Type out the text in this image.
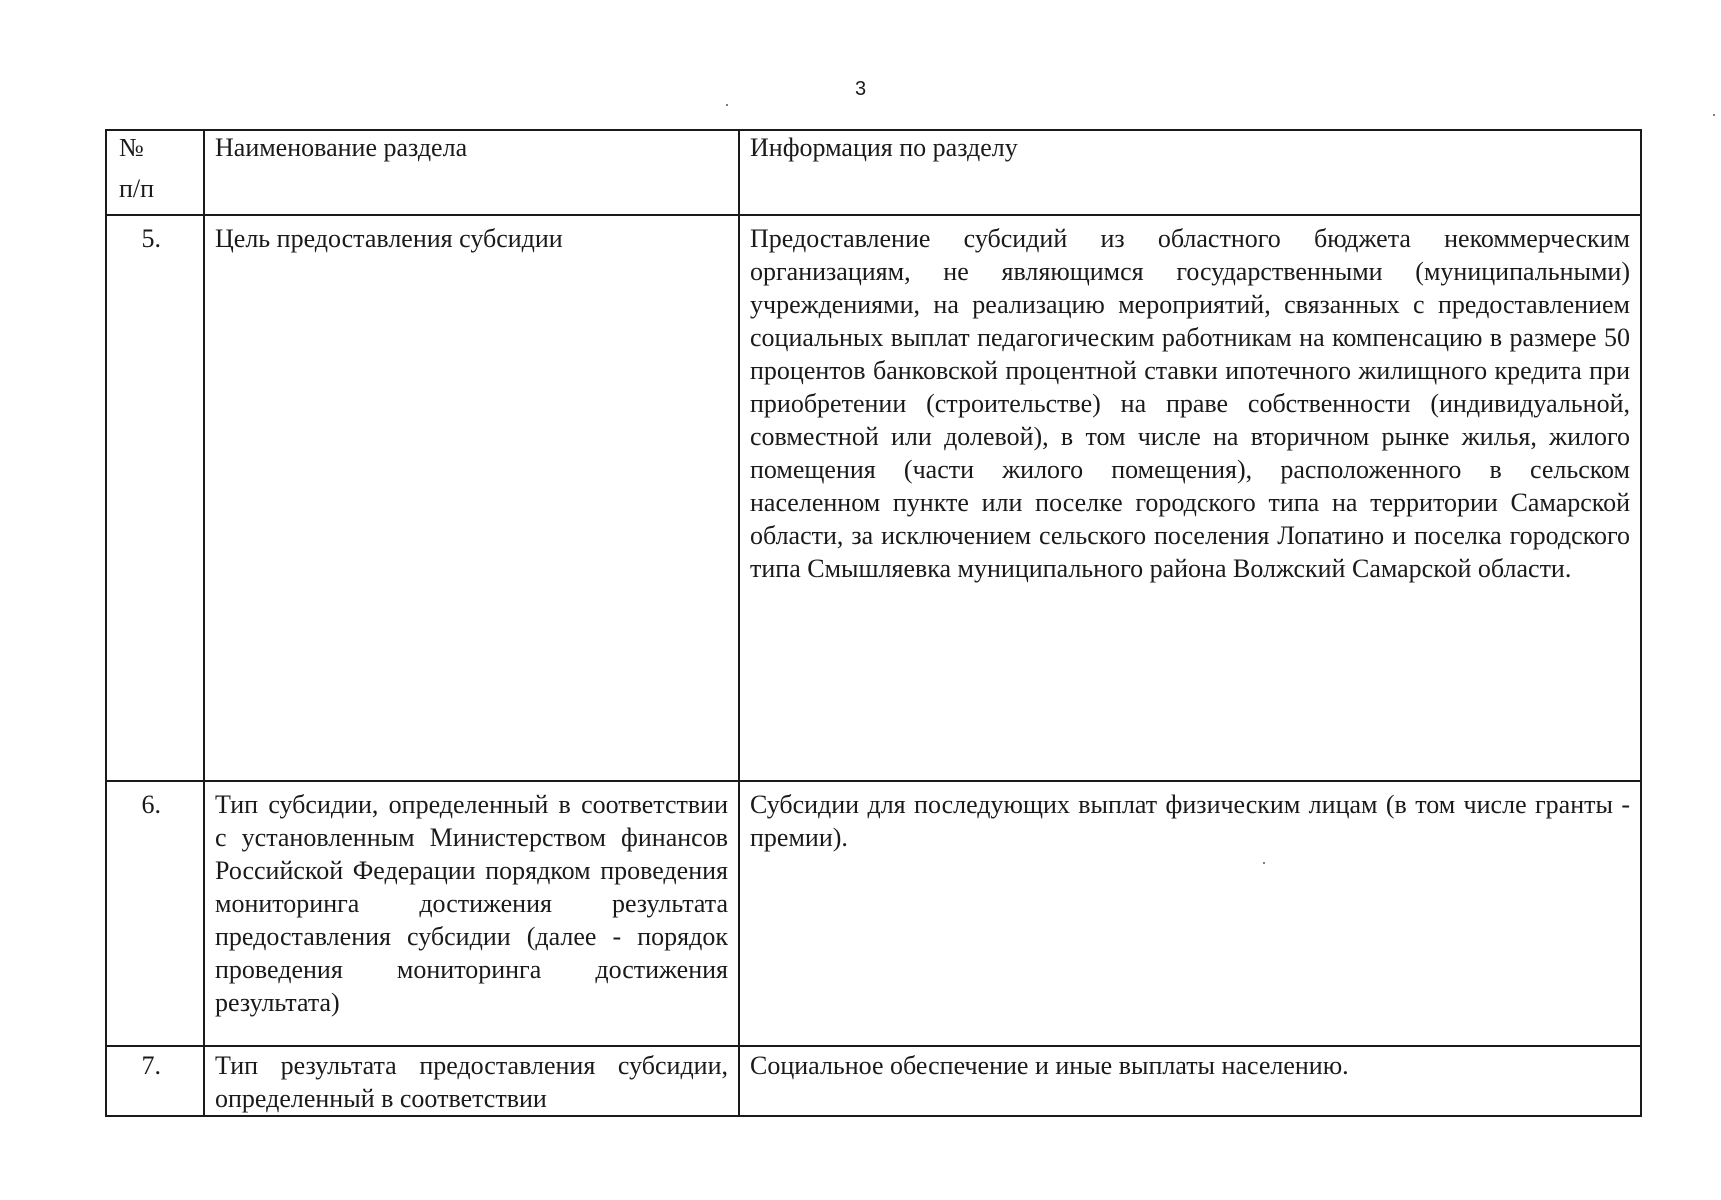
3
№
п/п	Наименование раздела	Информация по разделу
5.	Цель предоставления субсидии	Предоставление субсидий из областного бюджета некоммерческим организациям, не являющимся государственными (муниципальными) учреждениями, на реализацию мероприятий, связанных с предоставлением социальных выплат педагогическим работникам на компенсацию в размере 50 процентов банковской процентной ставки ипотечного жилищного кредита при приобретении (строительстве) на праве собственности (индивидуальной, совместной или долевой), в том числе на вторичном рынке жилья, жилого помещения (части жилого помещения), расположенного в сельском населенном пункте или поселке городского типа на территории Самарской области, за исключением сельского поселения Лопатино и поселка городского типа Смышляевка муниципального района Волжский Самарской области.
6.	Тип субсидии, определенный в соответствии с установленным Министерством финансов Российской Федерации порядком проведения мониторинга достижения результата предоставления субсидии (далее - порядок проведения мониторинга достижения результата)	Субсидии для последующих выплат физическим лицам (в том числе гранты - премии).
7.	Тип результата предоставления субсидии, определенный в соответствии	Социальное обеспечение и иные выплаты населению.
